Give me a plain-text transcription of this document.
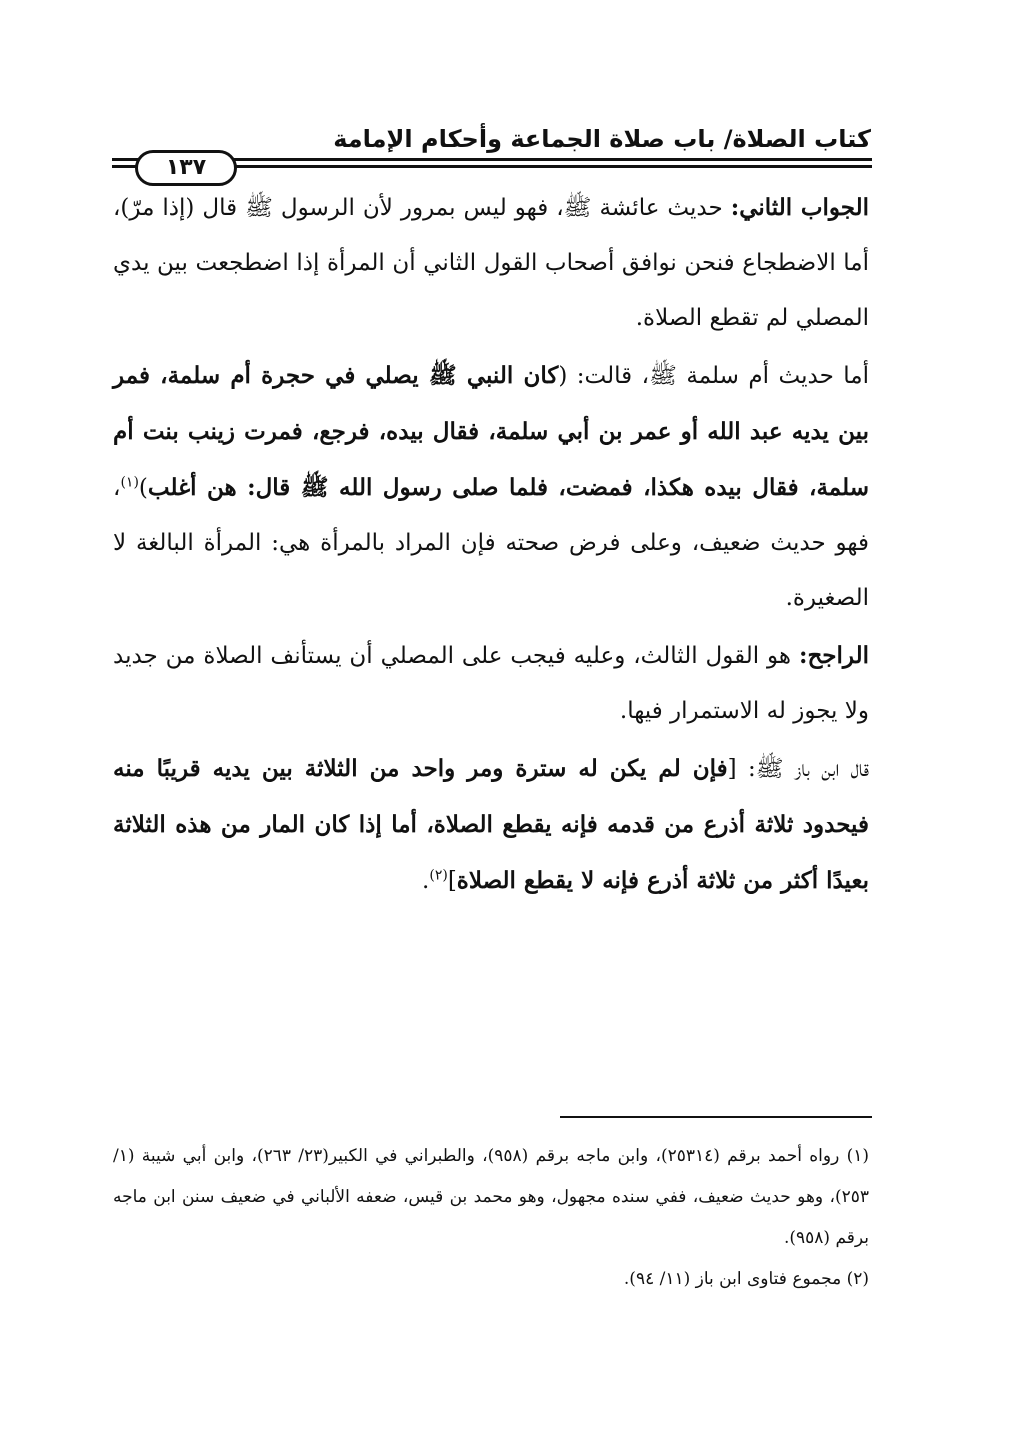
كتاب الصلاة/ باب صلاة الجماعة وأحكام الإمامة
١٣٧

الجواب الثاني: حديث عائشة ﷺ، فهو ليس بمرور لأن الرسول ﷺ قال (إذا مرّ)، أما الاضطجاع فنحن نوافق أصحاب القول الثاني أن المرأة إذا اضطجعت بين يدي المصلي لم تقطع الصلاة.

أما حديث أم سلمة ﷺ، قالت: (كان النبي ﷺ يصلي في حجرة أم سلمة، فمر بين يديه عبد الله أو عمر بن أبي سلمة، فقال بيده، فرجع، فمرت زينب بنت أم سلمة، فقال بيده هكذا، فمضت، فلما صلى رسول الله ﷺ قال: هن أغلب)$^{(١)}$، فهو حديث ضعيف، وعلى فرض صحته فإن المراد بالمرأة هي: المرأة البالغة لا الصغيرة.

الراجح: هو القول الثالث، وعليه فيجب على المصلي أن يستأنف الصلاة من جديد ولا يجوز له الاستمرار فيها.

قال ابن باز ﷺ: [فإن لم يكن له سترة ومر واحد من الثلاثة بين يديه قريبًا منه فيحدود ثلاثة أذرع من قدمه فإنه يقطع الصلاة، أما إذا كان المار من هذه الثلاثة بعيدًا أكثر من ثلاثة أذرع فإنه لا يقطع الصلاة]$^{(٢)}$.

(١) رواه أحمد برقم (٢٥٣١٤)، وابن ماجه برقم (٩٥٨)، والطبراني في الكبير(٢٣/ ٢٦٣)، وابن أبي شيبة (١/ ٢٥٣)، وهو حديث ضعيف، ففي سنده مجهول، وهو محمد بن قيس، ضعفه الألباني في ضعيف سنن ابن ماجه برقم (٩٥٨).

(٢) مجموع فتاوى ابن باز (١١/ ٩٤).
